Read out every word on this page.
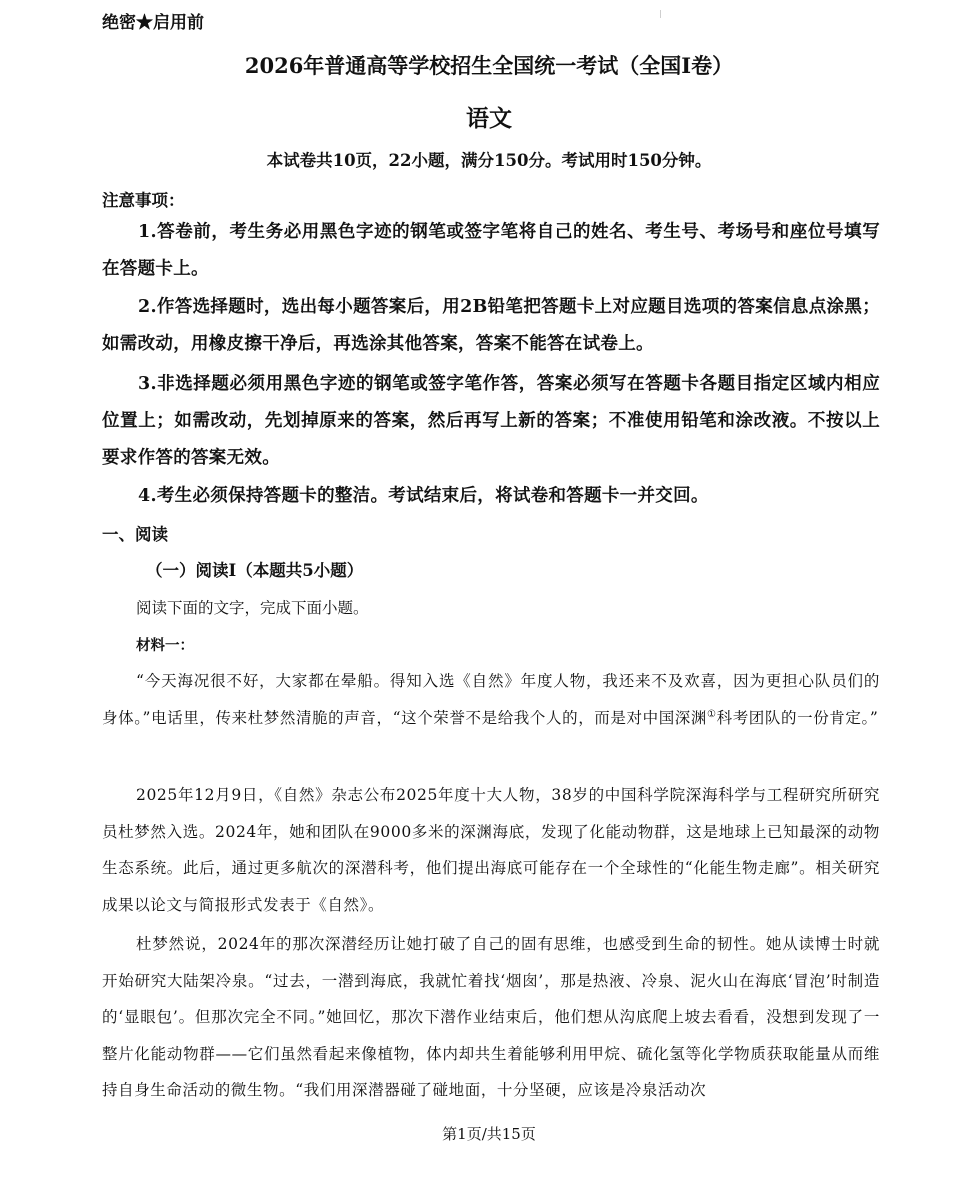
绝密★启用前
2026年普通高等学校招生全国统一考试（全国I卷）
语文
本试卷共10页，22小题，满分150分。考试用时150分钟。
注意事项：
1.答卷前，考生务必用黑色字迹的钢笔或签字笔将自己的姓名、考生号、考场号和座位号填写在答题卡上。
2.作答选择题时，选出每小题答案后，用2B铅笔把答题卡上对应题目选项的答案信息点涂黑；如需改动，用橡皮擦干净后，再选涂其他答案，答案不能答在试卷上。
3.非选择题必须用黑色字迹的钢笔或签字笔作答，答案必须写在答题卡各题目指定区域内相应位置上；如需改动，先划掉原来的答案，然后再写上新的答案；不准使用铅笔和涂改液。不按以上要求作答的答案无效。
4.考生必须保持答题卡的整洁。考试结束后，将试卷和答题卡一并交回。
一、阅读
（一）阅读I（本题共5小题）
阅读下面的文字，完成下面小题。
材料一：
“今天海况很不好，大家都在晕船。得知入选《自然》年度人物，我还来不及欢喜，因为更担心队员们的身体。”电话里，传来杜梦然清脆的声音，“这个荣誉不是给我个人的，而是对中国深渊①科考团队的一份肯定。”
2025年12月9日，《自然》杂志公布2025年度十大人物，38岁的中国科学院深海科学与工程研究所研究员杜梦然入选。2024年，她和团队在9000多米的深渊海底，发现了化能动物群，这是地球上已知最深的动物生态系统。此后，通过更多航次的深潜科考，他们提出海底可能存在一个全球性的“化能生物走廊”。相关研究成果以论文与简报形式发表于《自然》。
杜梦然说，2024年的那次深潜经历让她打破了自己的固有思维，也感受到生命的韧性。她从读博士时就开始研究大陆架冷泉。“过去，一潜到海底，我就忙着找‘烟囱’，那是热液、冷泉、泥火山在海底‘冒泡’时制造的‘显眼包’。但那次完全不同。”她回忆，那次下潜作业结束后，他们想从沟底爬上坡去看看，没想到发现了一整片化能动物群——它们虽然看起来像植物，体内却共生着能够利用甲烷、硫化氢等化学物质获取能量从而维持自身生命活动的微生物。“我们用深潜器碰了碰地面，十分坚硬，应该是冷泉活动次
第1页/共15页
